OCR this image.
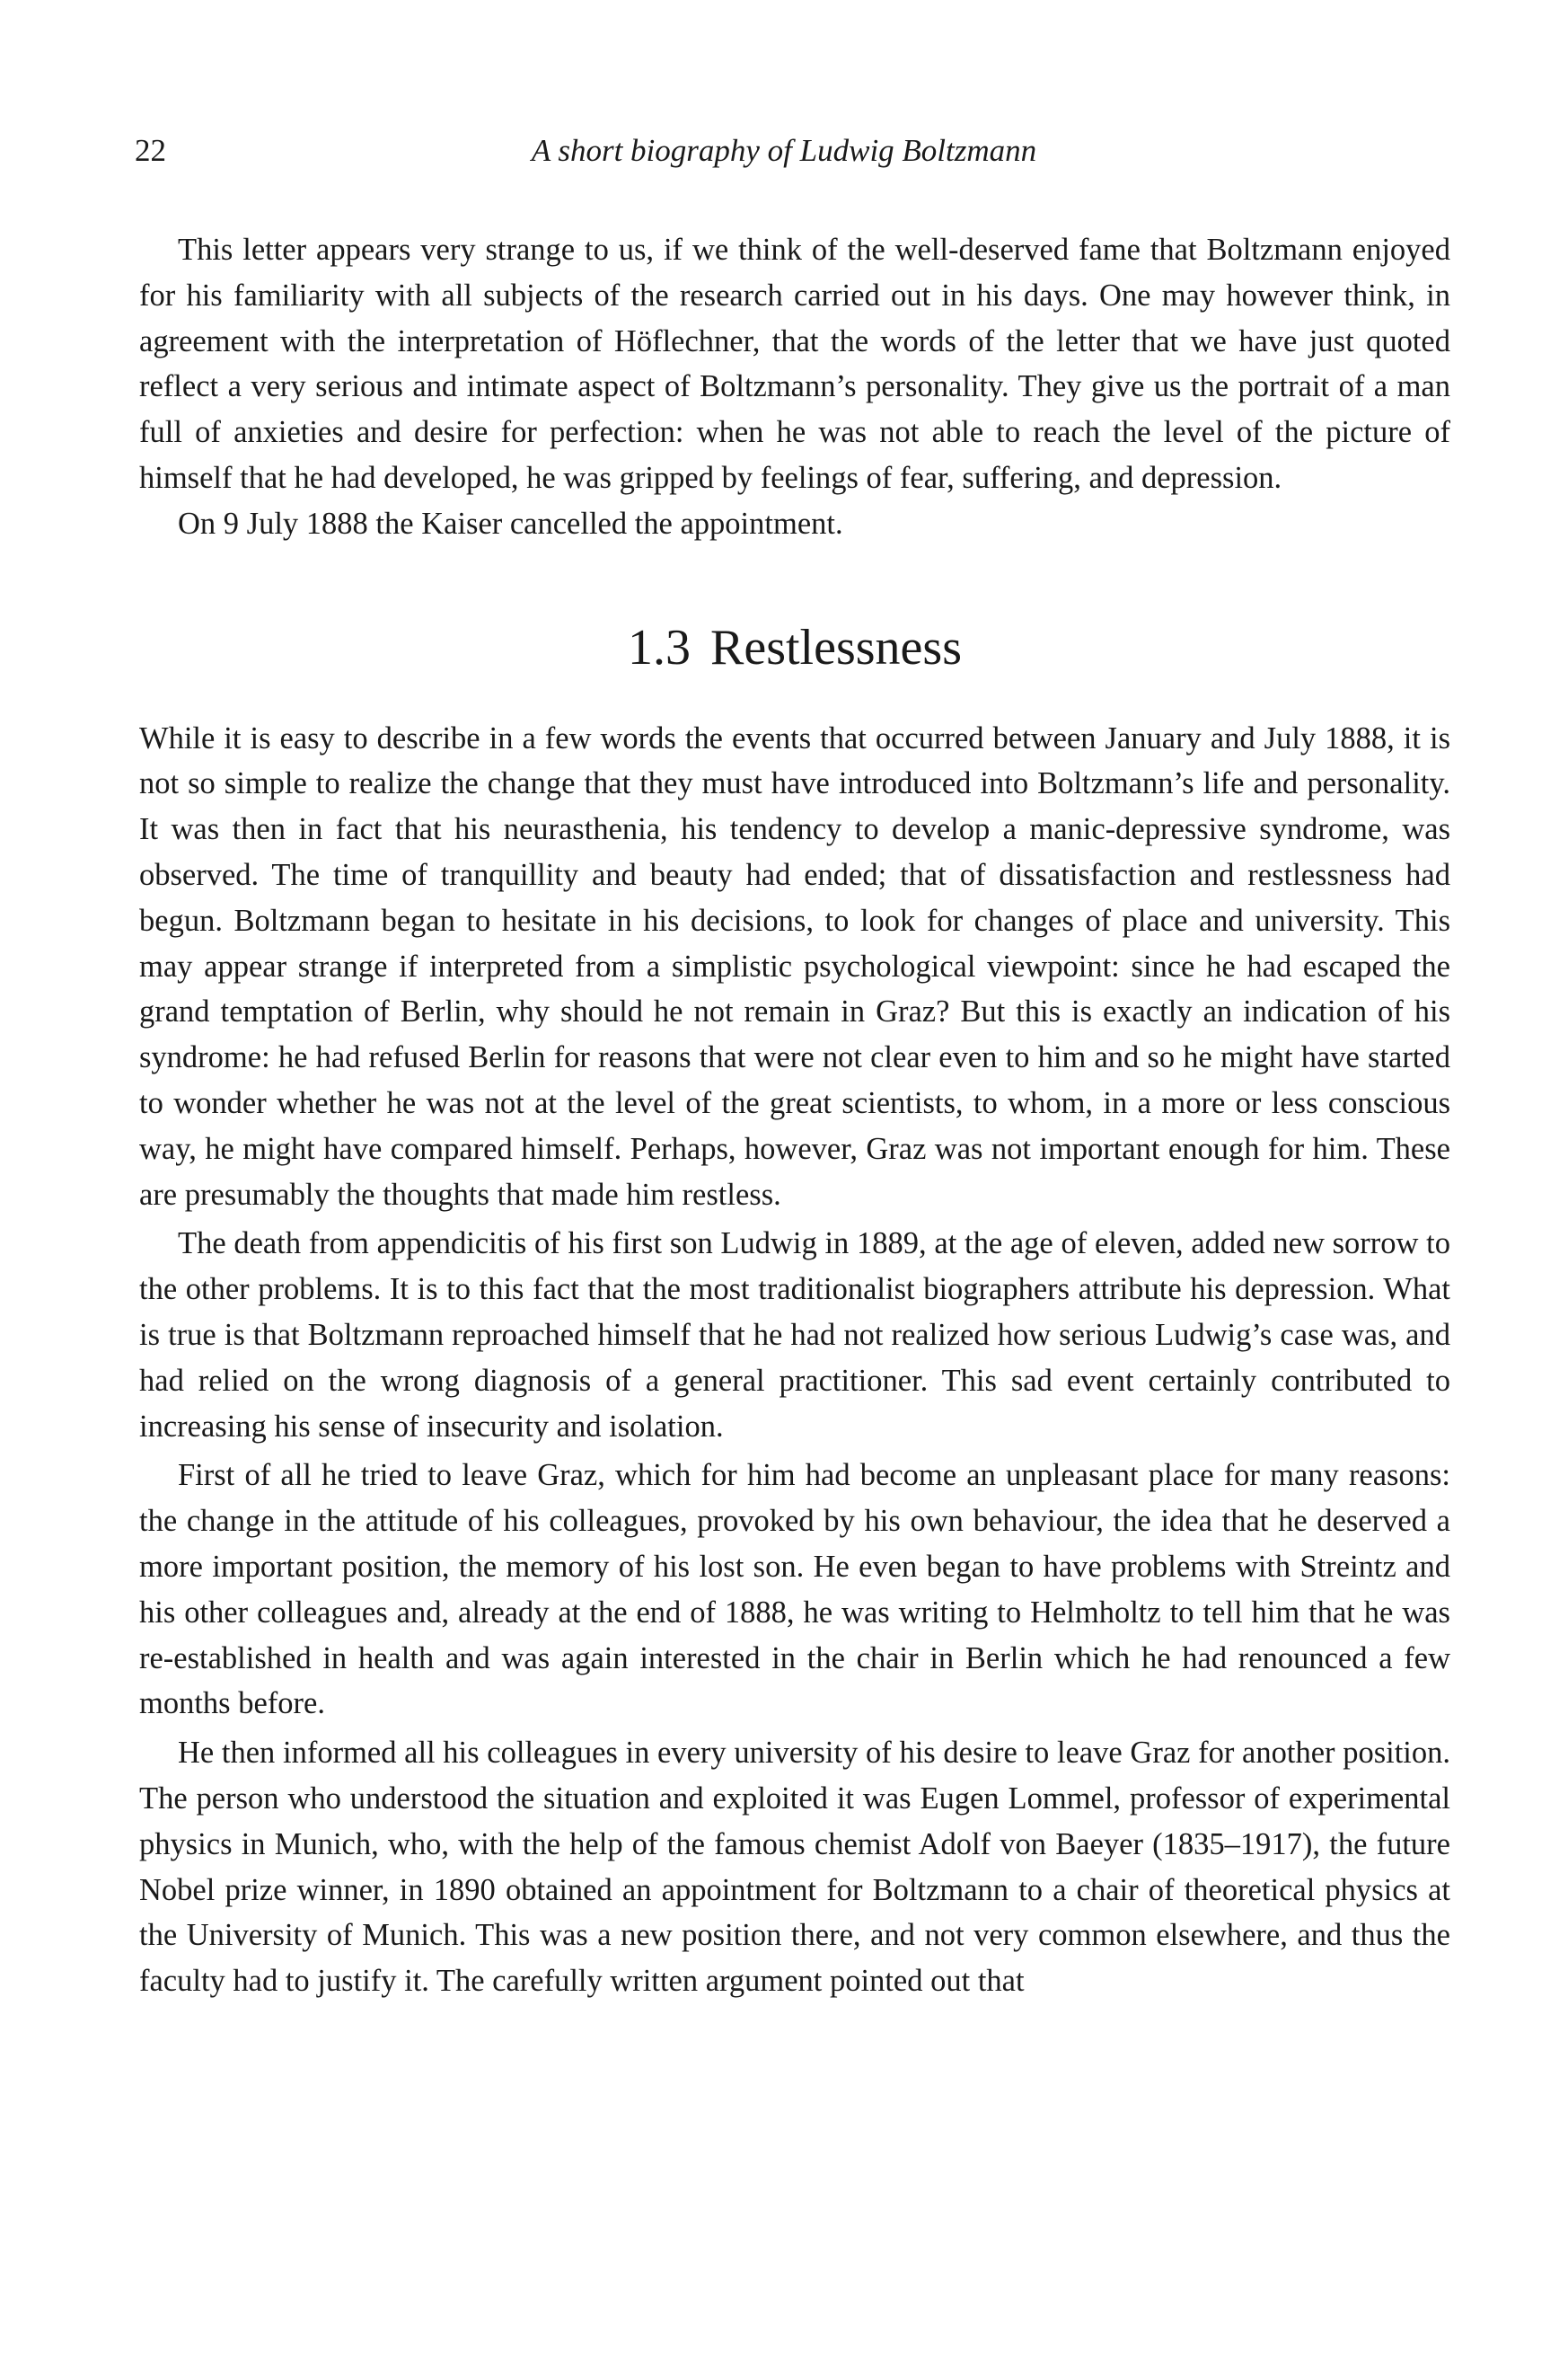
22	A short biography of Ludwig Boltzmann

This letter appears very strange to us, if we think of the well-deserved fame that Boltzmann enjoyed for his familiarity with all subjects of the research carried out in his days. One may however think, in agreement with the interpretation of Höflechner, that the words of the letter that we have just quoted reflect a very serious and intimate aspect of Boltzmann’s personality. They give us the portrait of a man full of anxieties and desire for perfection: when he was not able to reach the level of the picture of himself that he had developed, he was gripped by feelings of fear, suffering, and depression.

On 9 July 1888 the Kaiser cancelled the appointment.

1.3 Restlessness

While it is easy to describe in a few words the events that occurred between January and July 1888, it is not so simple to realize the change that they must have introduced into Boltzmann’s life and personality. It was then in fact that his neurasthenia, his tendency to develop a manic-depressive syndrome, was observed. The time of tranquillity and beauty had ended; that of dissatisfaction and restlessness had begun. Boltzmann began to hesitate in his decisions, to look for changes of place and university. This may appear strange if interpreted from a simplistic psychological viewpoint: since he had escaped the grand temptation of Berlin, why should he not remain in Graz? But this is exactly an indication of his syndrome: he had refused Berlin for reasons that were not clear even to him and so he might have started to wonder whether he was not at the level of the great scientists, to whom, in a more or less conscious way, he might have compared himself. Perhaps, however, Graz was not important enough for him. These are presumably the thoughts that made him restless.

The death from appendicitis of his first son Ludwig in 1889, at the age of eleven, added new sorrow to the other problems. It is to this fact that the most traditionalist biographers attribute his depression. What is true is that Boltzmann reproached himself that he had not realized how serious Ludwig’s case was, and had relied on the wrong diagnosis of a general practitioner. This sad event certainly contributed to increasing his sense of insecurity and isolation.

First of all he tried to leave Graz, which for him had become an unpleasant place for many reasons: the change in the attitude of his colleagues, provoked by his own behaviour, the idea that he deserved a more important position, the memory of his lost son. He even began to have problems with Streintz and his other colleagues and, already at the end of 1888, he was writing to Helmholtz to tell him that he was re-established in health and was again interested in the chair in Berlin which he had renounced a few months before.

He then informed all his colleagues in every university of his desire to leave Graz for another position. The person who understood the situation and exploited it was Eugen Lommel, professor of experimental physics in Munich, who, with the help of the famous chemist Adolf von Baeyer (1835–1917), the future Nobel prize winner, in 1890 obtained an appointment for Boltzmann to a chair of theoretical physics at the University of Munich. This was a new position there, and not very common elsewhere, and thus the faculty had to justify it. The carefully written argument pointed out that
